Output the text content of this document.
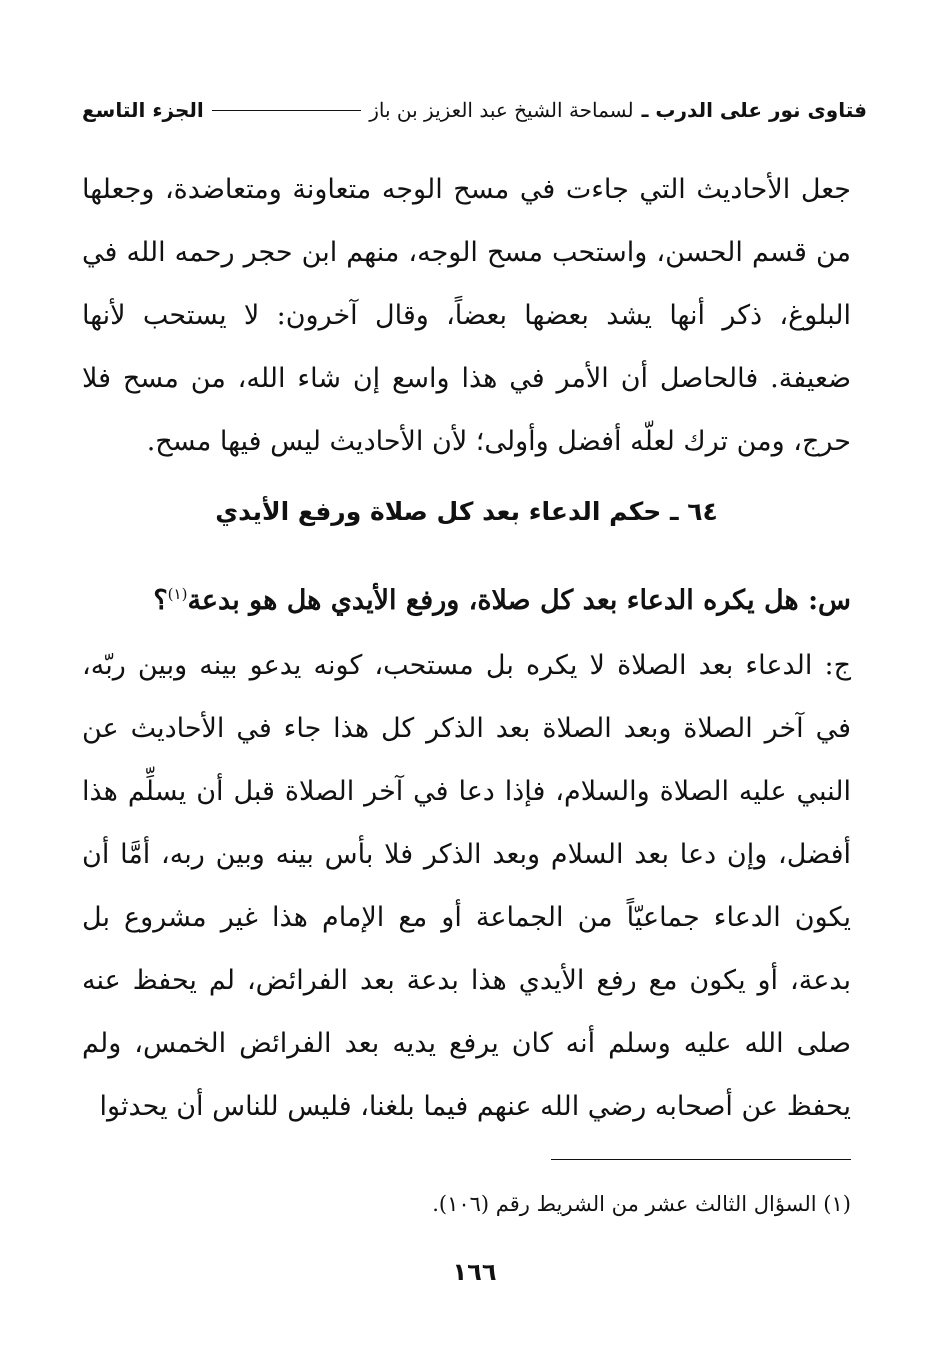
فتاوى نور على الدرب ـ
لسماحة الشيخ عبد العزيز بن باز
الجزء التاسع
جعل الأحاديث التي جاءت في مسح الوجه متعاونة ومتعاضدة، وجعلها من قسم الحسن، واستحب مسح الوجه، منهم ابن حجر رحمه الله في البلوغ، ذكر أنها يشد بعضها بعضاً، وقال آخرون: لا يستحب لأنها ضعيفة. فالحاصل أن الأمر في هذا واسع إن شاء الله، من مسح فلا حرج، ومن ترك لعلّه أفضل وأولى؛ لأن الأحاديث ليس فيها مسح.
٦٤ ـ حكم الدعاء بعد كل صلاة ورفع الأيدي
س: هل يكره الدعاء بعد كل صلاة، ورفع الأيدي هل هو بدعة$^{(١)}$؟
ج: الدعاء بعد الصلاة لا يكره بل مستحب، كونه يدعو بينه وبين ربّه، في آخر الصلاة وبعد الصلاة بعد الذكر كل هذا جاء في الأحاديث عن النبي عليه الصلاة والسلام، فإذا دعا في آخر الصلاة قبل أن يسلِّم هذا أفضل، وإن دعا بعد السلام وبعد الذكر فلا بأس بينه وبين ربه، أمَّا أن يكون الدعاء جماعيّاً من الجماعة أو مع الإمام هذا غير مشروع بل بدعة، أو يكون مع رفع الأيدي هذا بدعة بعد الفرائض، لم يحفظ عنه صلى الله عليه وسلم أنه كان يرفع يديه بعد الفرائض الخمس، ولم يحفظ عن أصحابه رضي الله عنهم فيما بلغنا، فليس للناس أن يحدثوا
(١) السؤال الثالث عشر من الشريط رقم (١٠٦).
١٦٦
